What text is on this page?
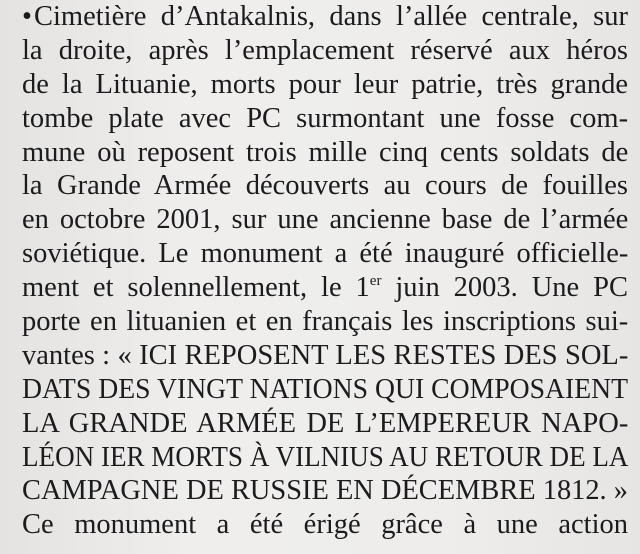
•Cimetière d’Antakalnis, dans l’allée centrale, sur
la droite, après l’emplacement réservé aux héros
de la Lituanie, morts pour leur patrie, très grande
tombe plate avec PC surmontant une fosse com-
mune où reposent trois mille cinq cents soldats de
la Grande Armée découverts au cours de fouilles
en octobre 2001, sur une ancienne base de l’armée
soviétique. Le monument a été inauguré officielle-
ment et solennellement, le 1er juin 2003. Une PC
porte en lituanien et en français les inscriptions sui-
vantes : « ICI REPOSENT LES RESTES DES SOL-
DATS DES VINGT NATIONS QUI COMPOSAIENT
LA GRANDE ARMÉE DE L’EMPEREUR NAPO-
LÉON IER MORTS À VILNIUS AU RETOUR DE LA
CAMPAGNE DE RUSSIE EN DÉCEMBRE 1812. »
Ce monument a été érigé grâce à une action
